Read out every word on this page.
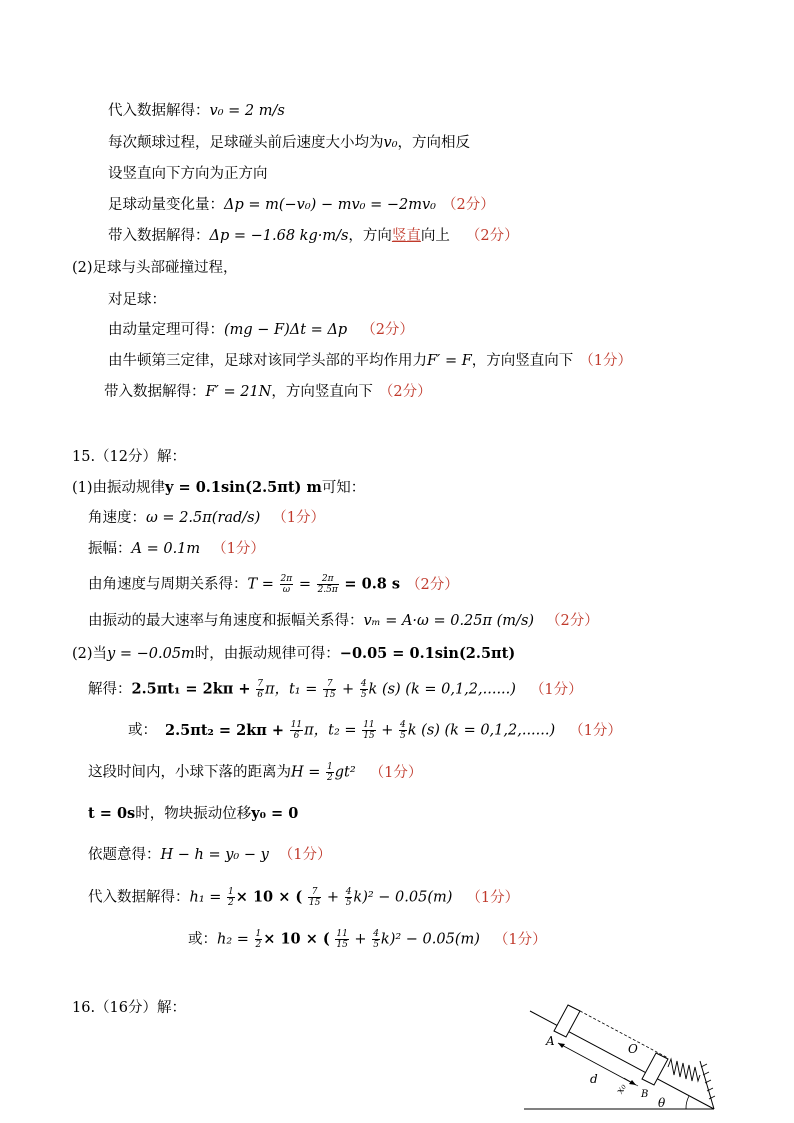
代入数据解得：v₀ = 2 m/s
每次颠球过程，足球碰头前后速度大小均为v₀，方向相反
设竖直向下方向为正方向
足球动量变化量：Δp = m(−v₀) − mv₀ = −2mv₀ （2分）
带入数据解得：Δp = −1.68 kg·m/s，方向竖直向上 （2分）
(2)足球与头部碰撞过程，
对足球：
由动量定理可得：(mg − F)Δt = Δp （2分）
由牛顿第三定律，足球对该同学头部的平均作用力F′ = F，方向竖直向下 （1分）
带入数据解得：F′ = 21N，方向竖直向下 （2分）
15.（12分）解：
(1)由振动规律y = 0.1sin(2.5πt) m可知：
角速度：ω = 2.5π(rad/s) （1分）
振幅：A = 0.1m （1分）
由角速度与周期关系得：$T = \frac{2\pi}{\omega} = \frac{2\pi}{2.5\pi} = 0.8$ s （2分）
由振动的最大速率与角速度和振幅关系得：vₘ = A·ω = 0.25π (m/s) （2分）
(2)当y = −0.05m时，由振动规律可得：−0.05 = 0.1sin(2.5πt)
解得：$2.5\pi t_1 = 2k\pi + \frac{7}{6}$ π，$t_1 = \frac{7}{15} + \frac{4}{5}$ k (s) (k = 0,1,2,......) （1分）
或： $2.5\pi t_2 = 2k\pi + \frac{11}{6}$ π，$t_2 = \frac{11}{15} + \frac{4}{5}$ k (s) (k = 0,1,2,......) （1分）
这段时间内，小球下落的距离为$H = \frac{1}{2} gt^2$ （1分）
t = 0s时，物块振动位移y₀ = 0
依题意得：H − h = y₀ − y （1分）
代入数据解得：$h_1 = \frac{1}{2} \times 10$ × ( $\frac{7}{15} + \frac{4}{5} k)^2 - 0.05(m)$ （1分）
或：$h_2 = \frac{1}{2} \times 10$ × ( $\frac{11}{15} + \frac{4}{5} k)^2 - 0.05(m)$ （1分）
16.（16分）解：
A
O
d
x₀ B
θ
